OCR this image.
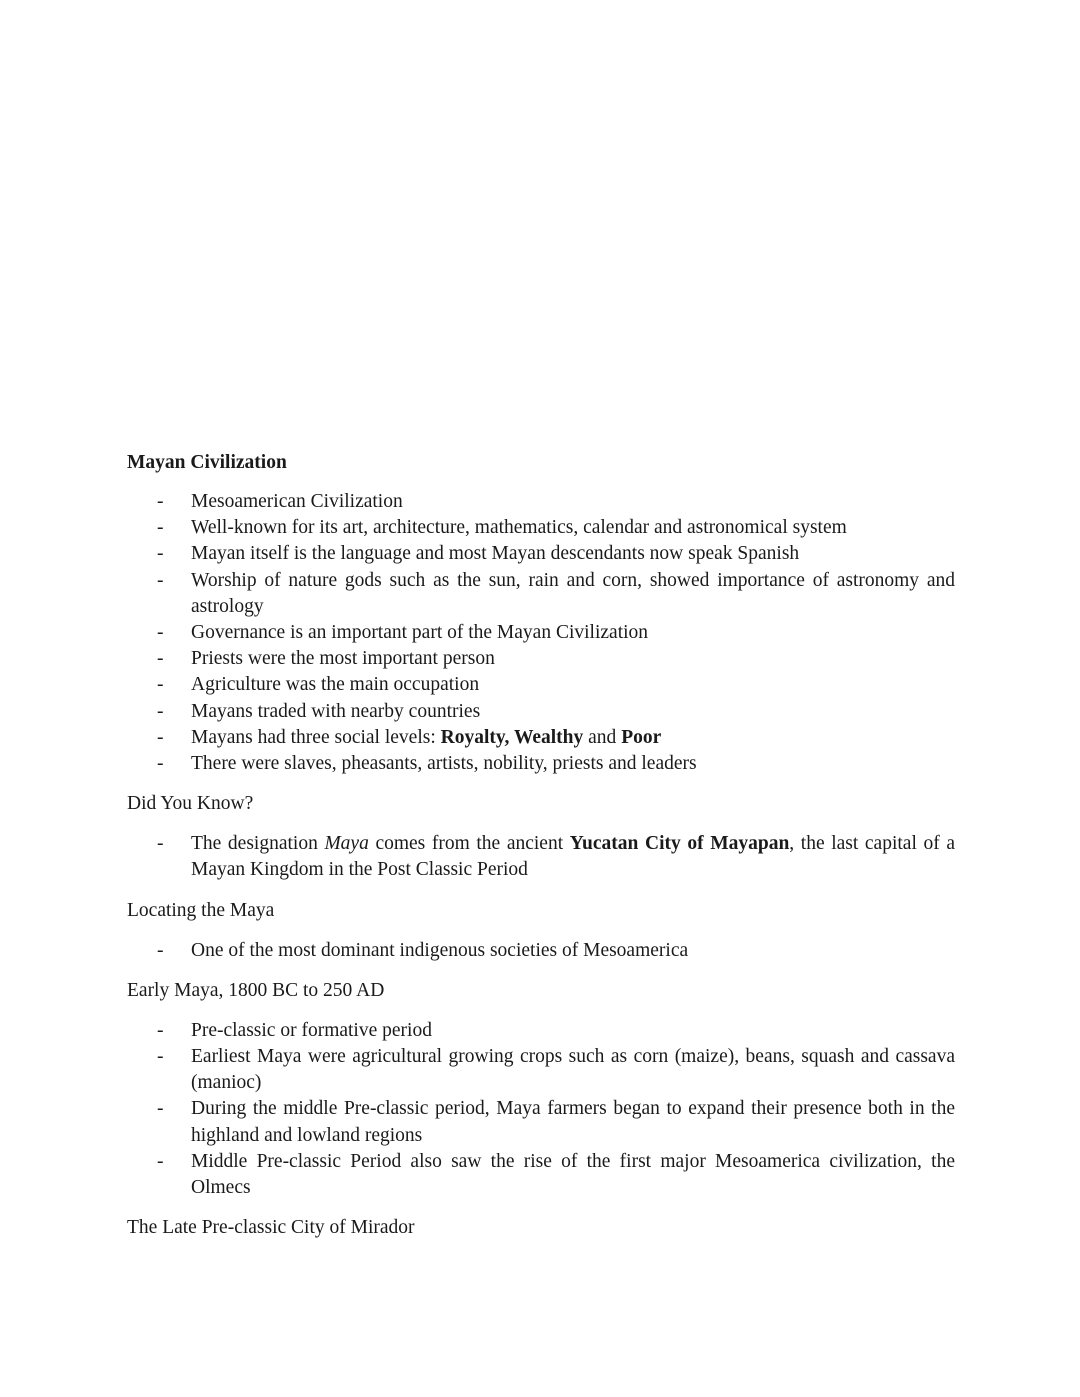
Mayan Civilization

- Mesoamerican Civilization
- Well-known for its art, architecture, mathematics, calendar and astronomical system
- Mayan itself is the language and most Mayan descendants now speak Spanish
- Worship of nature gods such as the sun, rain and corn, showed importance of astronomy and astrology
- Governance is an important part of the Mayan Civilization
- Priests were the most important person
- Agriculture was the main occupation
- Mayans traded with nearby countries
- Mayans had three social levels: Royalty, Wealthy and Poor
- There were slaves, pheasants, artists, nobility, priests and leaders

Did You Know?

- The designation Maya comes from the ancient Yucatan City of Mayapan, the last capital of a Mayan Kingdom in the Post Classic Period

Locating the Maya

- One of the most dominant indigenous societies of Mesoamerica

Early Maya, 1800 BC to 250 AD

- Pre-classic or formative period
- Earliest Maya were agricultural growing crops such as corn (maize), beans, squash and cassava (manioc)
- During the middle Pre-classic period, Maya farmers began to expand their presence both in the highland and lowland regions
- Middle Pre-classic Period also saw the rise of the first major Mesoamerica civilization, the Olmecs

The Late Pre-classic City of Mirador
